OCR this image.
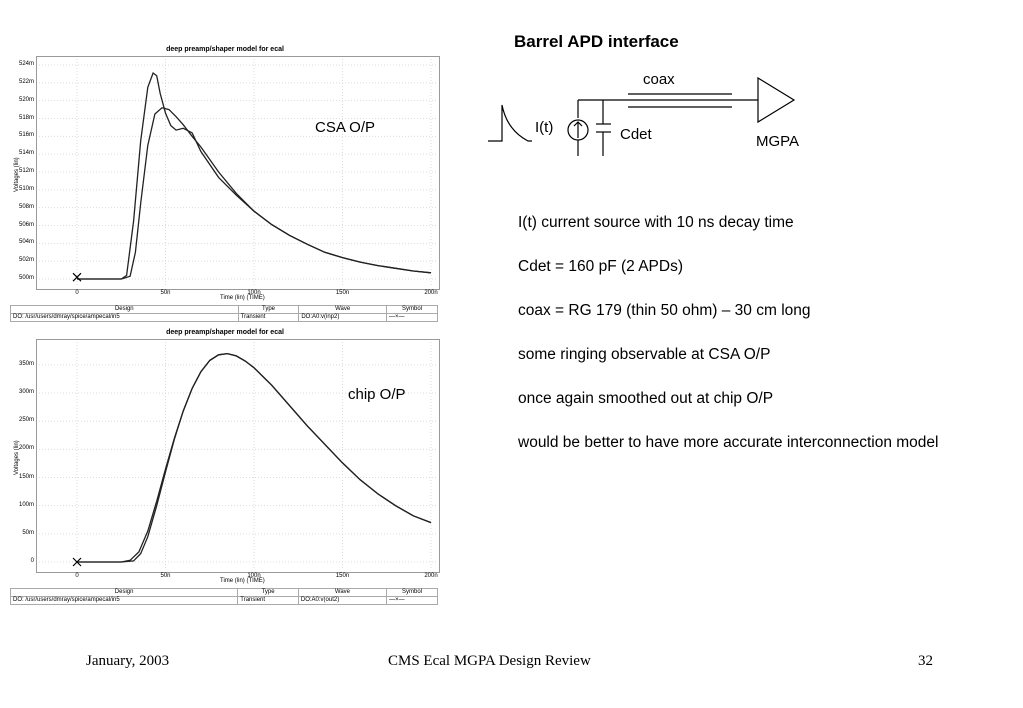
deep preamp/shaper model for ecal
Voltages (lin)
500m
502m
504m
506m
508m
510m
512m
514m
516m
518m
520m
522m
524m
0	50n	100n	150n	200n
Time (lin) (TIME)
Design	Type	Wave	Symbol
DO: /usr/users/dmray/spice/ampecal/in5	Transient	DO:A0:v(inp2)	—×—
CSA O/P
deep preamp/shaper model for ecal
Voltages (lin)
0
50m
100m
150m
200m
250m
300m
350m
0	50n	100n	150n	200n
Time (lin) (TIME)
Design	Type	Wave	Symbol
DO: /usr/users/dmray/spice/ampecal/in5	Transient	DO:A0:v(out2)	—×—
chip O/P
Barrel APD interface
coax
I(t)	Cdet	MGPA
I(t) current source with 10 ns decay time
Cdet = 160 pF (2 APDs)
coax = RG 179 (thin 50 ohm) – 30 cm long
some ringing observable at CSA O/P
once again smoothed out at chip O/P
would be better to have more accurate interconnection model
January, 2003	CMS Ecal MGPA Design Review	32
